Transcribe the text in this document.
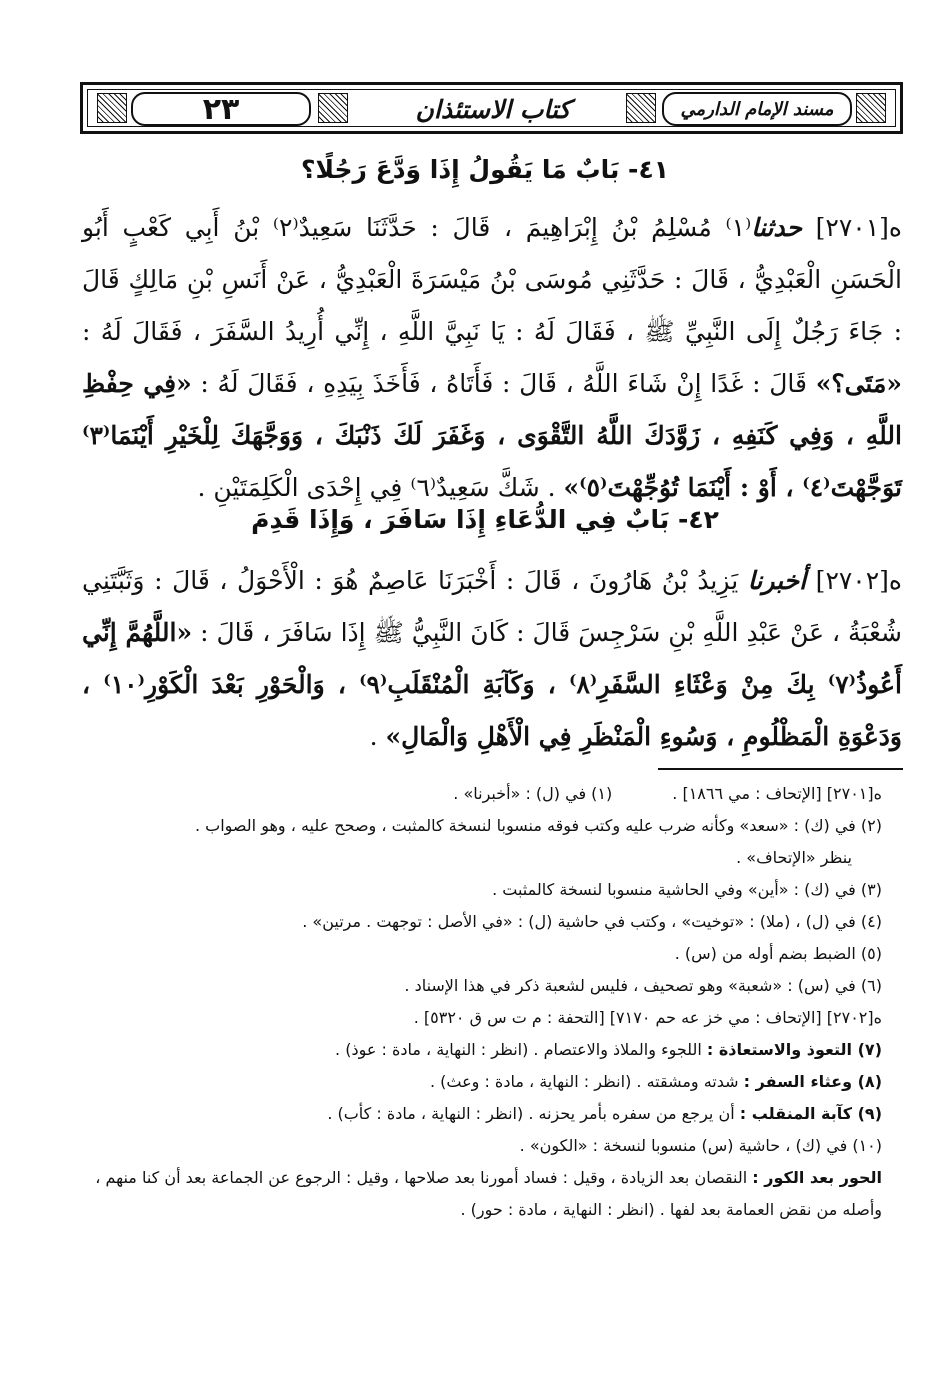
٢٣	كتاب الاستئذان	مسند الإمام الدارمي
٤١- بَابٌ مَا يَقُولُ إِذَا وَدَّعَ رَجُلًا؟
ه[٢٧٠١] حدثنا⁽١⁾ مُسْلِمُ بْنُ إِبْرَاهِيمَ ، قَالَ : حَدَّثَنَا سَعِيدٌ⁽٢⁾ بْنُ أَبِي كَعْبٍ أَبُو الْحَسَنِ الْعَبْدِيُّ ، قَالَ : حَدَّثَنِي مُوسَى بْنُ مَيْسَرَةَ الْعَبْدِيُّ ، عَنْ أَنَسِ بْنِ مَالِكٍ قَالَ : جَاءَ رَجُلٌ إِلَى النَّبِيِّ ﷺ ، فَقَالَ لَهُ : يَا نَبِيَّ اللَّهِ ، إِنِّي أُرِيدُ السَّفَرَ ، فَقَالَ لَهُ : «مَتَى؟» قَالَ : غَدًا إِنْ شَاءَ اللَّهُ ، قَالَ : فَأَتَاهُ ، فَأَخَذَ بِيَدِهِ ، فَقَالَ لَهُ : «فِي حِفْظِ اللَّهِ ، وَفِي كَنَفِهِ ، زَوَّدَكَ اللَّهُ التَّقْوَى ، وَغَفَرَ لَكَ ذَنْبَكَ ، وَوَجَّهَكَ لِلْخَيْرِ أَيْنَمَا⁽٣⁾ تَوَجَّهْتَ⁽٤⁾ ، أَوْ : أَيْنَمَا تُوُجِّهْتَ⁽٥⁾» . شَكَّ سَعِيدٌ⁽٦⁾ فِي إِحْدَى الْكَلِمَتَيْنِ .
٤٢- بَابٌ فِي الدُّعَاءِ إِذَا سَافَرَ ، وَإِذَا قَدِمَ
ه[٢٧٠٢] أخبرنا يَزِيدُ بْنُ هَارُونَ ، قَالَ : أَخْبَرَنَا عَاصِمٌ هُوَ : الْأَحْوَلُ ، قَالَ : وَثَبَّتَنِي شُعْبَةُ ، عَنْ عَبْدِ اللَّهِ بْنِ سَرْجِسَ قَالَ : كَانَ النَّبِيُّ ﷺ إِذَا سَافَرَ ، قَالَ : «اللَّهُمَّ إِنِّي أَعُوذُ⁽٧⁾ بِكَ مِنْ وَعْثَاءِ السَّفَرِ⁽٨⁾ ، وَكَآبَةِ الْمُنْقَلَبِ⁽٩⁾ ، وَالْحَوْرِ بَعْدَ الْكَوْرِ⁽١٠⁾ ، وَدَعْوَةِ الْمَظْلُومِ ، وَسُوءِ الْمَنْظَرِ فِي الْأَهْلِ وَالْمَالِ» .
ه[٢٧٠١] [الإتحاف : مي ١٨٦٦] .
(١) في (ل) : «أخبرنا» .
(٢) في (ك) : «سعد» وكأنه ضرب عليه وكتب فوقه منسوبا لنسخة كالمثبت ، وصحح عليه ، وهو الصواب .
ينظر «الإتحاف» .
(٣) في (ك) : «أين» وفي الحاشية منسوبا لنسخة كالمثبت .
(٤) في (ل) ، (ملا) : «توخيت» ، وكتب في حاشية (ل) : «في الأصل : توجهت . مرتين» .
(٥) الضبط بضم أوله من (س) .
(٦) في (س) : «شعبة» وهو تصحيف ، فليس لشعبة ذكر في هذا الإسناد .
ه[٢٧٠٢] [الإتحاف : مي خز عه حم ٧١٧٠] [التحفة : م ت س ق ٥٣٢٠] .
(٧) التعوذ والاستعاذة : اللجوء والملاذ والاعتصام . (انظر : النهاية ، مادة : عوذ) .
(٨) وعثاء السفر : شدته ومشقته . (انظر : النهاية ، مادة : وعث) .
(٩) كآبة المنقلب : أن يرجع من سفره بأمر يحزنه . (انظر : النهاية ، مادة : كأب) .
(١٠) في (ك) ، حاشية (س) منسوبا لنسخة : «الكون» .
الحور بعد الكور : النقصان بعد الزيادة ، وقيل : فساد أمورنا بعد صلاحها ، وقيل : الرجوع عن الجماعة بعد أن كنا منهم ، وأصله من نقض العمامة بعد لفها . (انظر : النهاية ، مادة : حور) .
